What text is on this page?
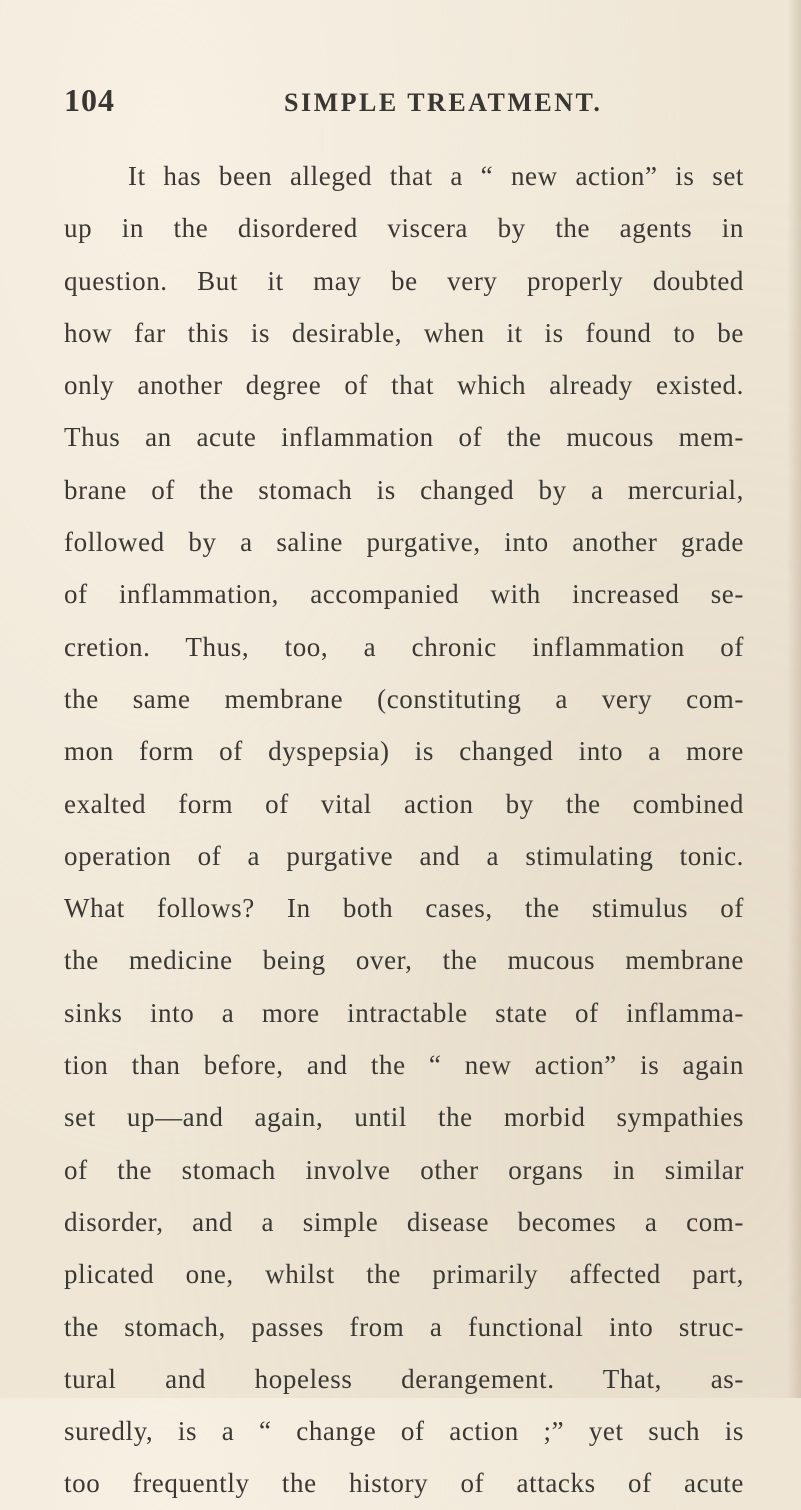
104	SIMPLE TREATMENT.
It has been alleged that a “ new action” is set
up in the disordered viscera by the agents in
question. But it may be very properly doubted
how far this is desirable, when it is found to be
only another degree of that which already existed.
Thus an acute inflammation of the mucous mem-
brane of the stomach is changed by a mercurial,
followed by a saline purgative, into another grade
of inflammation, accompanied with increased se-
cretion. Thus, too, a chronic inflammation of
the same membrane (constituting a very com-
mon form of dyspepsia) is changed into a more
exalted form of vital action by the combined
operation of a purgative and a stimulating tonic.
What follows? In both cases, the stimulus of
the medicine being over, the mucous membrane
sinks into a more intractable state of inflamma-
tion than before, and the “ new action” is again
set up—and again, until the morbid sympathies
of the stomach involve other organs in similar
disorder, and a simple disease becomes a com-
plicated one, whilst the primarily affected part,
the stomach, passes from a functional into struc-
tural and hopeless derangement. That, as-
suredly, is a “ change of action ;” yet such is
too frequently the history of attacks of acute
